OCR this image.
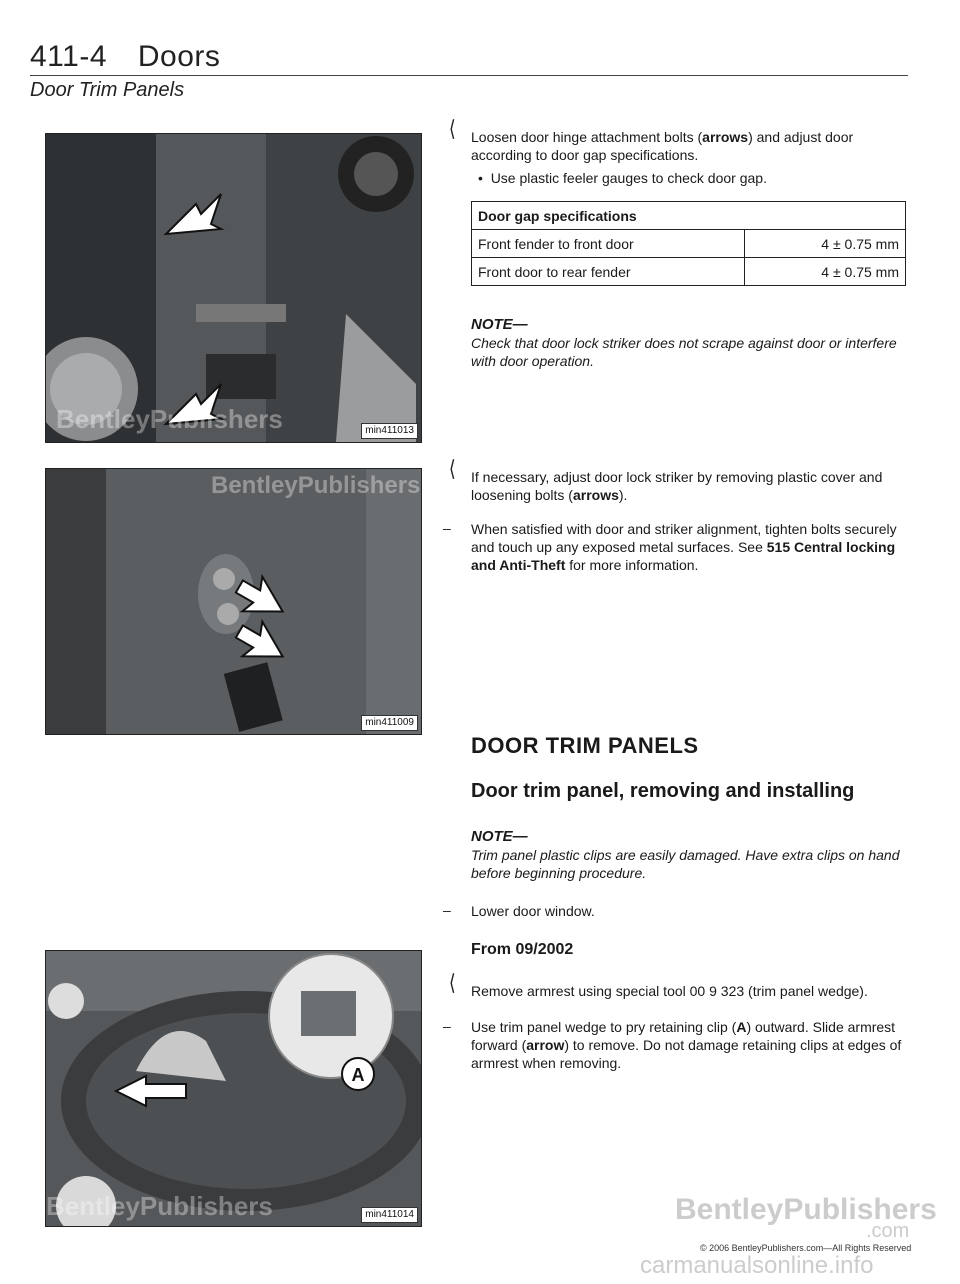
411-4 Doors
Door Trim Panels
BentleyPublishers	min411013
BentleyPublishers
min411009
A
BentleyPublishers	min411014
⟨ Loosen door hinge attachment bolts (arrows) and adjust door according to door gap specifications.
• Use plastic feeler gauges to check door gap.
Door gap specifications	
Front fender to front door	4 ± 0.75 mm
Front door to rear fender	4 ± 0.75 mm
NOTE—
Check that door lock striker does not scrape against door or interfere with door operation.
⟨ If necessary, adjust door lock striker by removing plastic cover and loosening bolts (arrows).
– When satisfied with door and striker alignment, tighten bolts securely and touch up any exposed metal surfaces. See 515 Central locking and Anti-Theft for more information.
DOOR TRIM PANELS
Door trim panel, removing and installing
NOTE—
Trim panel plastic clips are easily damaged. Have extra clips on hand before beginning procedure.
– Lower door window.
From 09/2002
⟨ Remove armrest using special tool 00 9 323 (trim panel wedge).
– Use trim panel wedge to pry retaining clip (A) outward. Slide armrest forward (arrow) to remove. Do not damage retaining clips at edges of armrest when removing.
BentleyPublishers
.com
© 2006 BentleyPublishers.com—All Rights Reserved
carmanualsonline.info
